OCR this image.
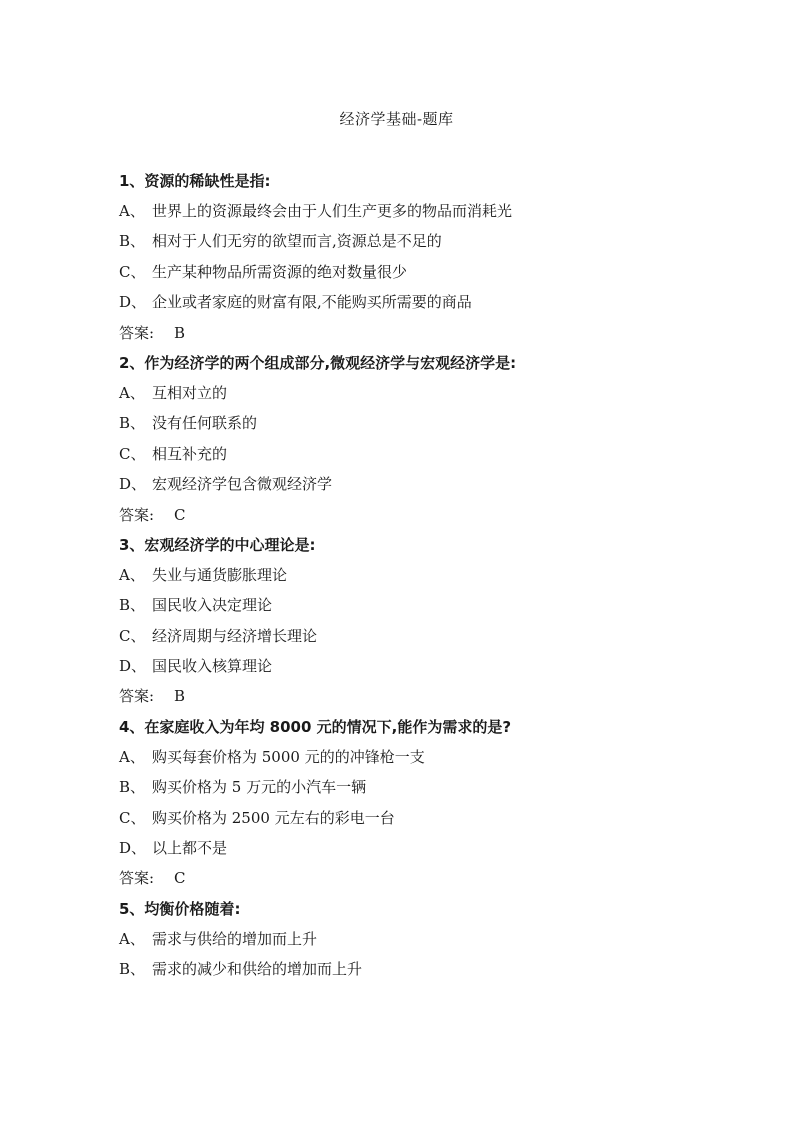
经济学基础-题库
1、资源的稀缺性是指:
A、 世界上的资源最终会由于人们生产更多的物品而消耗光
B、 相对于人们无穷的欲望而言,资源总是不足的
C、 生产某种物品所需资源的绝对数量很少
D、 企业或者家庭的财富有限,不能购买所需要的商品
答案: B
2、作为经济学的两个组成部分,微观经济学与宏观经济学是:
A、 互相对立的
B、 没有任何联系的
C、 相互补充的
D、 宏观经济学包含微观经济学
答案: C
3、宏观经济学的中心理论是:
A、 失业与通货膨胀理论
B、 国民收入决定理论
C、 经济周期与经济增长理论
D、 国民收入核算理论
答案: B
4、在家庭收入为年均 8000 元的情况下,能作为需求的是?
A、 购买每套价格为 5000 元的的冲锋枪一支
B、 购买价格为 5 万元的小汽车一辆
C、 购买价格为 2500 元左右的彩电一台
D、 以上都不是
答案: C
5、均衡价格随着:
A、 需求与供给的增加而上升
B、 需求的减少和供给的增加而上升
